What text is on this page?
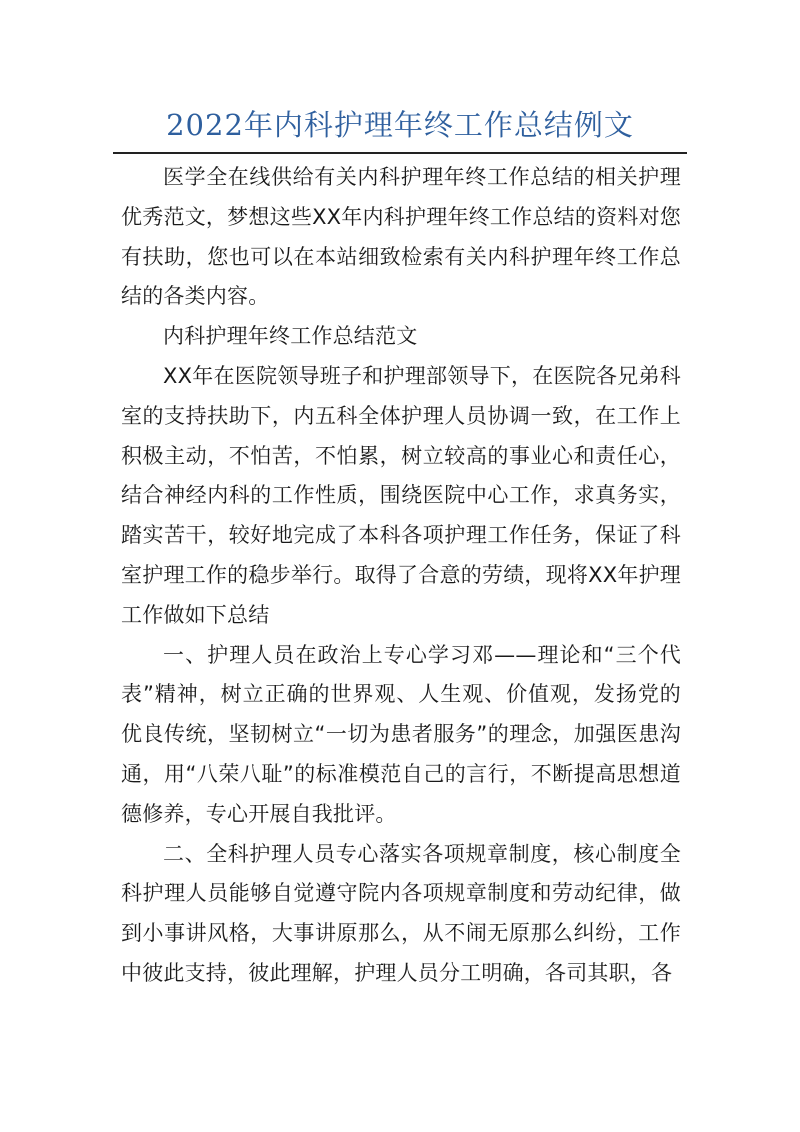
2022年内科护理年终工作总结例文

医学全在线供给有关内科护理年终工作总结的相关护理优秀范文，梦想这些XX年内科护理年终工作总结的资料对您有扶助，您也可以在本站细致检索有关内科护理年终工作总结的各类内容。

内科护理年终工作总结范文

XX年在医院领导班子和护理部领导下，在医院各兄弟科室的支持扶助下，内五科全体护理人员协调一致，在工作上积极主动，不怕苦，不怕累，树立较高的事业心和责任心，结合神经内科的工作性质，围绕医院中心工作，求真务实，踏实苦干，较好地完成了本科各项护理工作任务，保证了科室护理工作的稳步举行。取得了合意的劳绩，现将XX年护理工作做如下总结

一、护理人员在政治上专心学习邓——理论和“三个代表”精神，树立正确的世界观、人生观、价值观，发扬党的优良传统，坚韧树立“一切为患者服务”的理念，加强医患沟通，用“八荣八耻”的标准模范自己的言行，不断提高思想道德修养，专心开展自我批评。

二、全科护理人员专心落实各项规章制度，核心制度全科护理人员能够自觉遵守院内各项规章制度和劳动纪律，做到小事讲风格，大事讲原那么，从不闹无原那么纠纷，工作中彼此支持，彼此理解，护理人员分工明确，各司其职，各
